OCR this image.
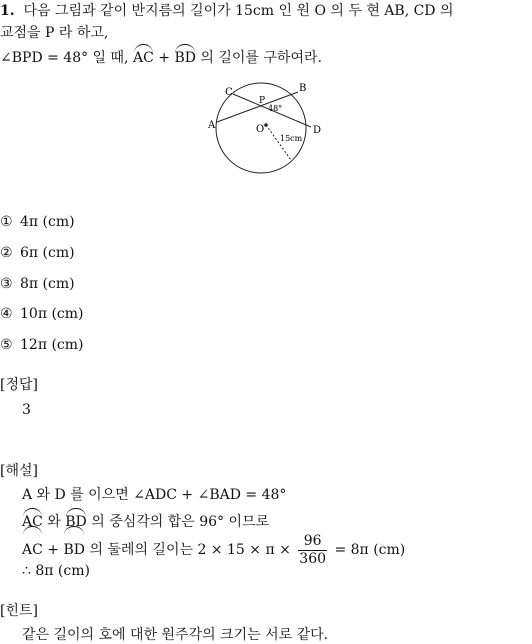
1. 다음 그림과 같이 반지름의 길이가 15cm 인 원 O 의 두 현 AB, CD 의
교점을 P 라 하고,
∠BPD = 48° 일 때, AC + BD 의 길이를 구하여라.
A
B
C
D
O
P
48°
15cm
① 4π (cm)
② 6π (cm)
③ 8π (cm)
④ 10π (cm)
⑤ 12π (cm)
[정답]
3
[해설]
A 와 D 를 이으면 ∠ADC + ∠BAD = 48°
AC 와 BD 의 중심각의 합은 96° 이므로
AC + BD 의 둘레의 길이는 $2 \times 15 \times \pi \times \frac{96}{360} = 8\pi$ (cm)
∴ 8π (cm)
[힌트]
같은 길이의 호에 대한 원주각의 크기는 서로 같다.
